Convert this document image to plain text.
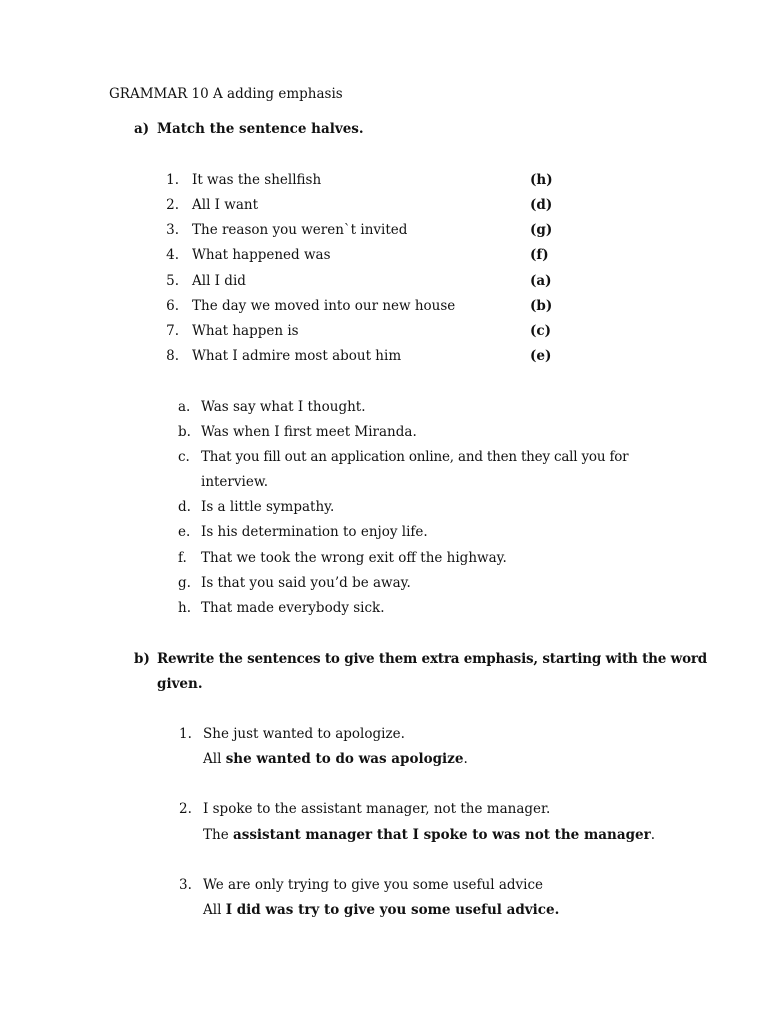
GRAMMAR 10 A adding emphasis
a) Match the sentence halves.
1. It was the shellfish	(h)
2. All I want	(d)
3. The reason you weren`t invited	(g)
4. What happened was	(f)
5. All I did	(a)
6. The day we moved into our new house	(b)
7. What happen is	(c)
8. What I admire most about him	(e)
a. Was say what I thought.
b. Was when I first meet Miranda.
c. That you fill out an application online, and then they call you for
interview.
d. Is a little sympathy.
e. Is his determination to enjoy life.
f. That we took the wrong exit off the highway.
g. Is that you said you’d be away.
h. That made everybody sick.
b) Rewrite the sentences to give them extra emphasis, starting with the word
given.
1. She just wanted to apologize.
All she wanted to do was apologize.
2. I spoke to the assistant manager, not the manager.
The assistant manager that I spoke to was not the manager.
3. We are only trying to give you some useful advice
All I did was try to give you some useful advice.
